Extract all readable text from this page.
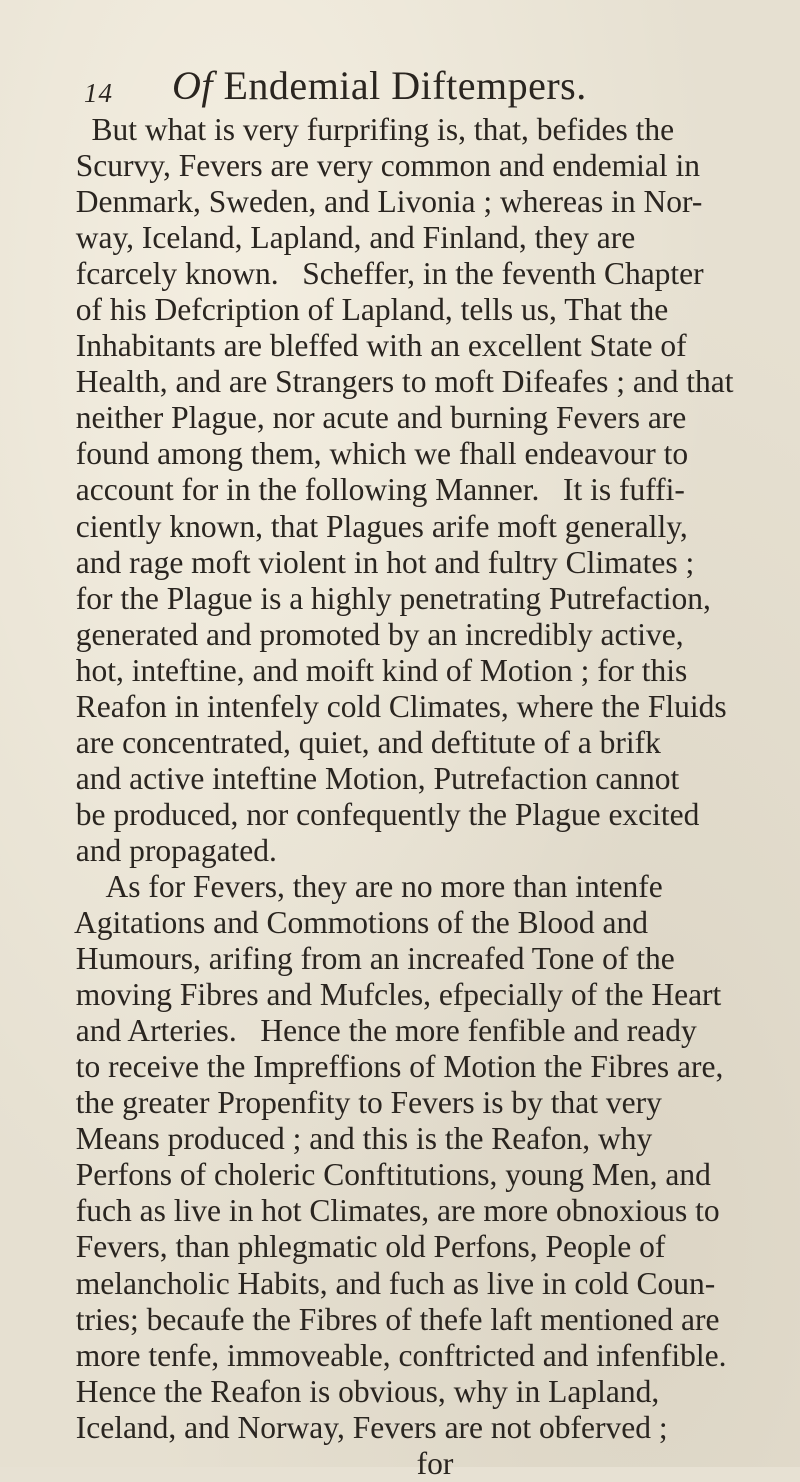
14 Of Endemial Diftempers.
But what is very furprifing is, that, befides the
Scurvy, Fevers are very common and endemial in
Denmark, Sweden, and Livonia ; whereas in Nor-
way, Iceland, Lapland, and Finland, they are
fcarcely known.   Scheffer, in the feventh Chapter
of his Defcription of Lapland, tells us, That the
Inhabitants are bleffed with an excellent State of
Health, and are Strangers to moft Difeafes ; and that
neither Plague, nor acute and burning Fevers are
found among them, which we fhall endeavour to
account for in the following Manner.   It is fuffi-
ciently known, that Plagues arife moft generally,
and rage moft violent in hot and fultry Climates ;
for the Plague is a highly penetrating Putrefaction,
generated and promoted by an incredibly active,
hot, inteftine, and moift kind of Motion ; for this
Reafon in intenfely cold Climates, where the Fluids
are concentrated, quiet, and deftitute of a brifk
and active inteftine Motion, Putrefaction cannot
be produced, nor confequently the Plague excited
and propagated.
As for Fevers, they are no more than intenfe
Agitations and Commotions of the Blood and
Humours, arifing from an increafed Tone of the
moving Fibres and Mufcles, efpecially of the Heart
and Arteries.   Hence the more fenfible and ready
to receive the Impreffions of Motion the Fibres are,
the greater Propenfity to Fevers is by that very
Means produced ; and this is the Reafon, why
Perfons of choleric Conftitutions, young Men, and
fuch as live in hot Climates, are more obnoxious to
Fevers, than phlegmatic old Perfons, People of
melancholic Habits, and fuch as live in cold Coun-
tries; becaufe the Fibres of thefe laft mentioned are
more tenfe, immoveable, conftricted and infenfible.
Hence the Reafon is obvious, why in Lapland,
Iceland, and Norway, Fevers are not obferved ;
for
